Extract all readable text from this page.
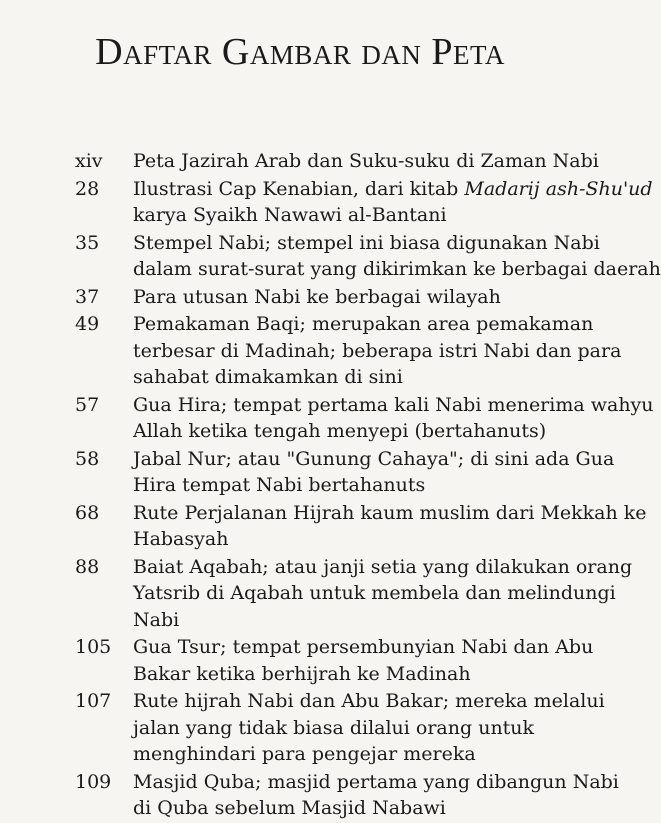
Daftar Gambar dan Peta
xiv	Peta Jazirah Arab dan Suku-suku di Zaman Nabi
28	Ilustrasi Cap Kenabian, dari kitab Madarij ash-Shu'ud
karya Syaikh Nawawi al-Bantani
35	Stempel Nabi; stempel ini biasa digunakan Nabi
dalam surat-surat yang dikirimkan ke berbagai daerah
37	Para utusan Nabi ke berbagai wilayah
49	Pemakaman Baqi; merupakan area pemakaman
terbesar di Madinah; beberapa istri Nabi dan para
sahabat dimakamkan di sini
57	Gua Hira; tempat pertama kali Nabi menerima wahyu
Allah ketika tengah menyepi (bertahanuts)
58	Jabal Nur; atau "Gunung Cahaya"; di sini ada Gua
Hira tempat Nabi bertahanuts
68	Rute Perjalanan Hijrah kaum muslim dari Mekkah ke
Habasyah
88	Baiat Aqabah; atau janji setia yang dilakukan orang
Yatsrib di Aqabah untuk membela dan melindungi
Nabi
105	Gua Tsur; tempat persembunyian Nabi dan Abu
Bakar ketika berhijrah ke Madinah
107	Rute hijrah Nabi dan Abu Bakar; mereka melalui
jalan yang tidak biasa dilalui orang untuk
menghindari para pengejar mereka
109	Masjid Quba; masjid pertama yang dibangun Nabi
di Quba sebelum Masjid Nabawi
